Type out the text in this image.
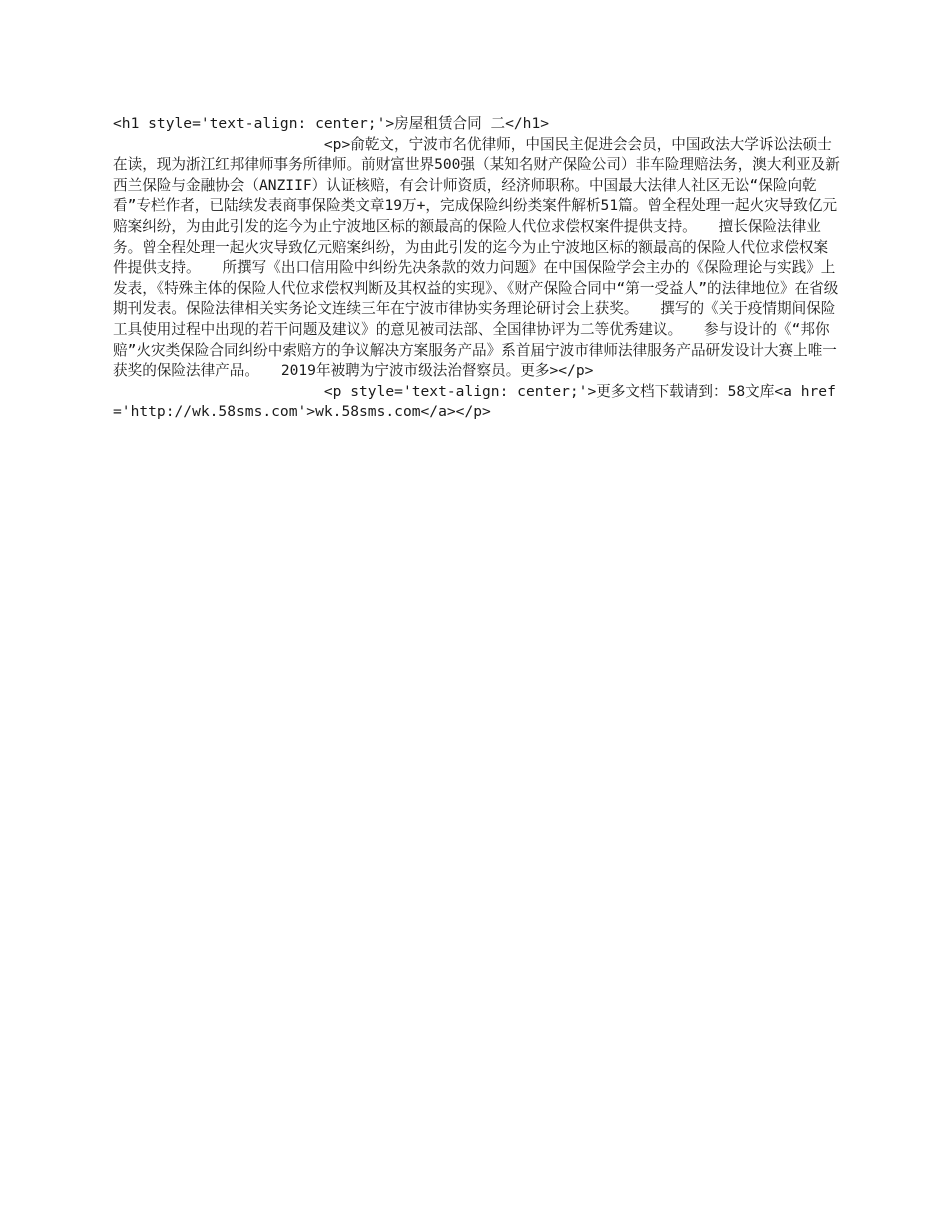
<h1 style='text-align: center;'>房屋租赁合同 二</h1>
			<p>俞乾文，宁波市名优律师，中国民主促进会会员，中国政法大学诉讼法硕士在读，现为浙江红邦律师事务所律师。前财富世界500强（某知名财产保险公司）非车险理赔法务，澳大利亚及新西兰保险与金融协会（ANZIIF）认证核赔，有会计师资质，经济师职称。中国最大法律人社区无讼“保险向乾看”专栏作者，已陆续发表商事保险类文章19万+，完成保险纠纷类案件解析51篇。曾全程处理一起火灾导致亿元赔案纠纷，为由此引发的迄今为止宁波地区标的额最高的保险人代位求偿权案件提供支持。　　擅长保险法律业务。曾全程处理一起火灾导致亿元赔案纠纷，为由此引发的迄今为止宁波地区标的额最高的保险人代位求偿权案件提供支持。　　所撰写《出口信用险中纠纷先决条款的效力问题》在中国保险学会主办的《保险理论与实践》上发表，《特殊主体的保险人代位求偿权判断及其权益的实现》、《财产保险合同中“第一受益人”的法律地位》在省级期刊发表。保险法律相关实务论文连续三年在宁波市律协实务理论研讨会上获奖。　　撰写的《关于疫情期间保险工具使用过程中出现的若干问题及建议》的意见被司法部、全国律协评为二等优秀建议。　　参与设计的《“邦你赔”火灾类保险合同纠纷中索赔方的争议解决方案服务产品》系首届宁波市律师法律服务产品研发设计大赛上唯一获奖的保险法律产品。　　2019年被聘为宁波市级法治督察员。更多></p>
			<p style='text-align: center;'>更多文档下载请到：58文库<a href='http://wk.58sms.com'>wk.58sms.com</a></p>
